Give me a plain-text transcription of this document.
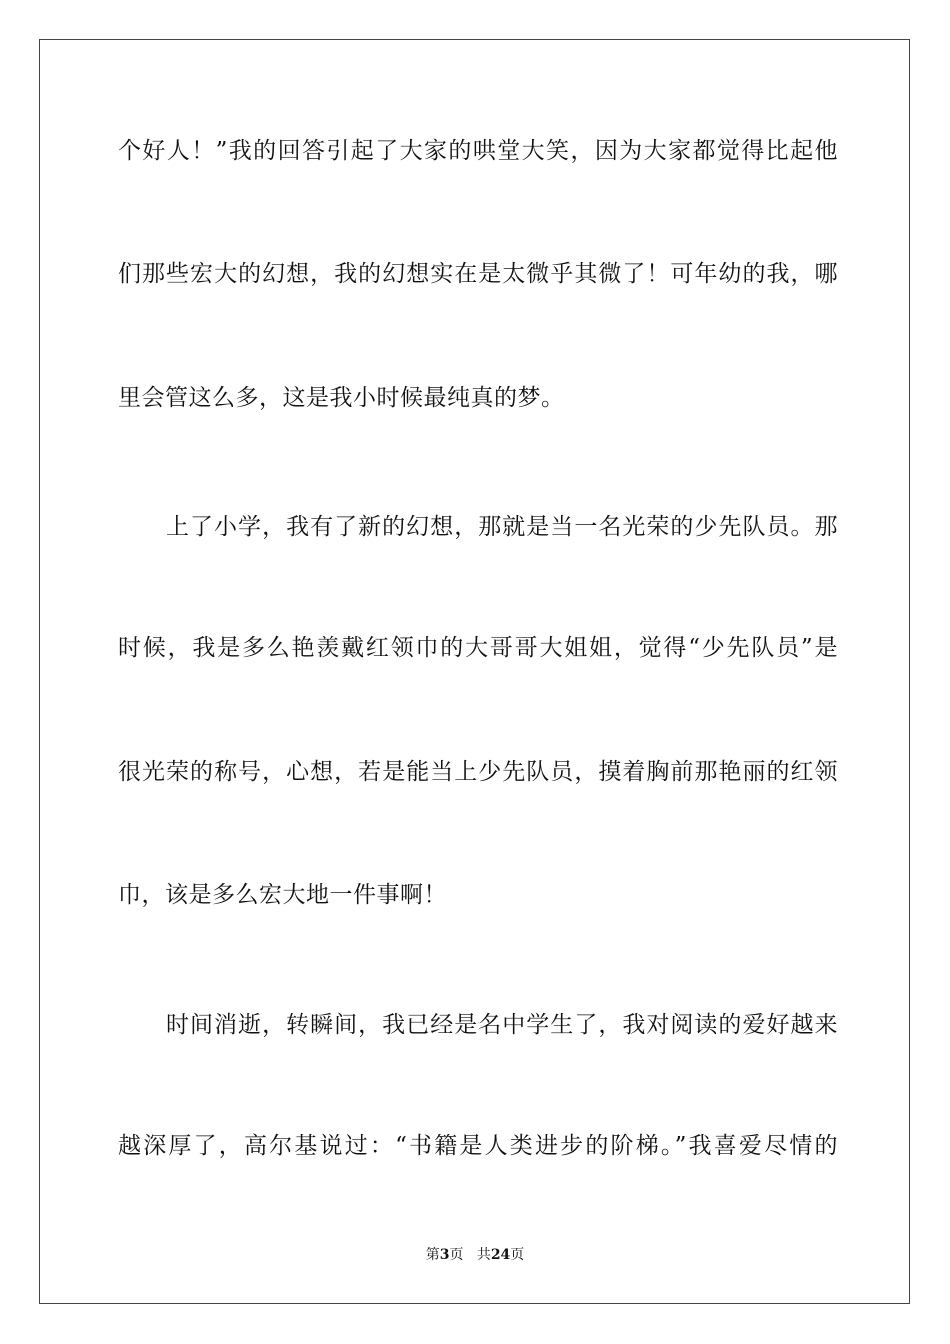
个好人！”我的回答引起了大家的哄堂大笑，因为大家都觉得比起他
们那些宏大的幻想，我的幻想实在是太微乎其微了！可年幼的我，哪
里会管这么多，这是我小时候最纯真的梦。
上了小学，我有了新的幻想，那就是当一名光荣的少先队员。那
时候，我是多么艳羡戴红领巾的大哥哥大姐姐，觉得“少先队员”是
很光荣的称号，心想，若是能当上少先队员，摸着胸前那艳丽的红领
巾，该是多么宏大地一件事啊！
时间消逝，转瞬间，我已经是名中学生了，我对阅读的爱好越来
越深厚了，高尔基说过：“书籍是人类进步的阶梯。”我喜爱尽情的
第3页 共24页
